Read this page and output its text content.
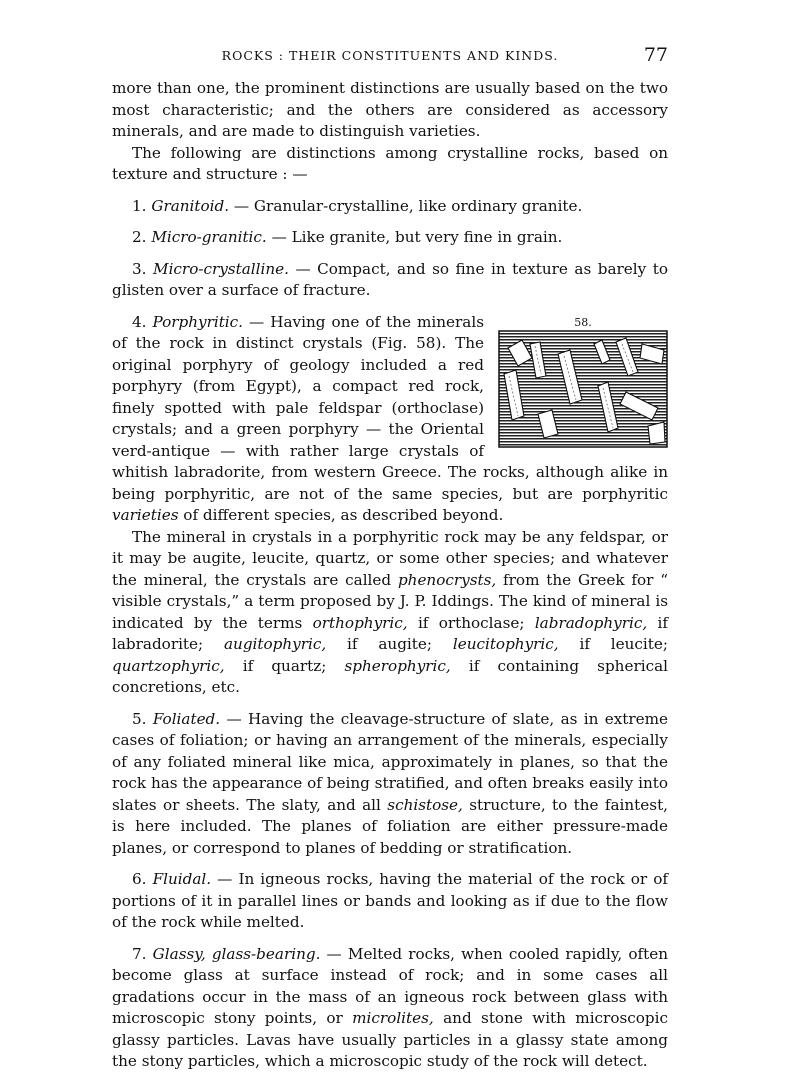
ROCKS : THEIR CONSTITUENTS AND KINDS.	77

more than one, the prominent distinctions are usually based on the two most characteristic; and the others are considered as accessory minerals, and are made to distinguish varieties.

The following are distinctions among crystalline rocks, based on texture and structure : —

1. Granitoid. — Granular-crystalline, like ordinary granite.

2. Micro-granitic. — Like granite, but very fine in grain.

3. Micro-crystalline. — Compact, and so fine in texture as barely to glisten over a surface of fracture.

58.

4. Porphyritic. — Having one of the minerals of the rock in distinct crystals (Fig. 58). The original porphyry of geology included a red porphyry (from Egypt), a compact red rock, finely spotted with pale feldspar (orthoclase) crystals; and a green porphyry — the Oriental verd-antique — with rather large crystals of whitish labradorite, from western Greece. The rocks, although alike in being porphyritic, are not of the same species, but are porphyritic varieties of different species, as described beyond.

The mineral in crystals in a porphyritic rock may be any feldspar, or it may be augite, leucite, quartz, or some other species; and whatever the mineral, the crystals are called phenocrysts, from the Greek for “ visible crystals,” a term proposed by J. P. Iddings. The kind of mineral is indicated by the terms orthophyric, if orthoclase; labradophyric, if labradorite; augitophyric, if augite; leucitophyric, if leucite; quartzophyric, if quartz; spherophyric, if containing spherical concretions, etc.

5. Foliated. — Having the cleavage-structure of slate, as in extreme cases of foliation; or having an arrangement of the minerals, especially of any foliated mineral like mica, approximately in planes, so that the rock has the appearance of being stratified, and often breaks easily into slates or sheets. The slaty, and all schistose, structure, to the faintest, is here included. The planes of foliation are either pressure-made planes, or correspond to planes of bedding or stratification.

6. Fluidal. — In igneous rocks, having the material of the rock or of portions of it in parallel lines or bands and looking as if due to the flow of the rock while melted.

7. Glassy, glass-bearing. — Melted rocks, when cooled rapidly, often become glass at surface instead of rock; and in some cases all gradations occur in the mass of an igneous rock between glass with microscopic stony points, or microlites, and stone with microscopic glassy particles. Lavas have usually particles in a glassy state among the stony particles, which a microscopic study of the rock will detect.
